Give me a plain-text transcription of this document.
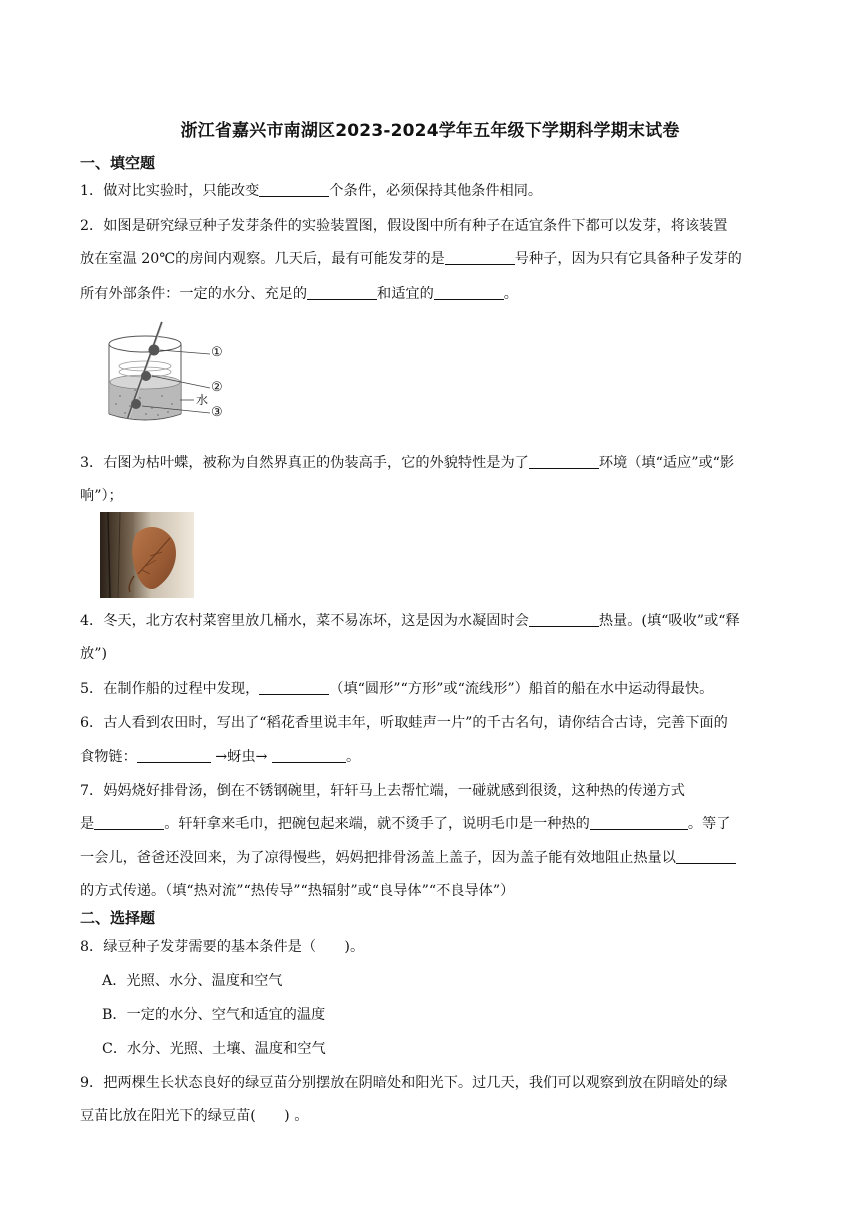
浙江省嘉兴市南湖区2023-2024学年五年级下学期科学期末试卷
一、填空题
1．做对比实验时，只能改变	个条件，必须保持其他条件相同。
2．如图是研究绿豆种子发芽条件的实验装置图，假设图中所有种子在适宜条件下都可以发芽，将该装置
放在室温 20℃的房间内观察。几天后，最有可能发芽的是	号种子，因为只有它具备种子发芽的
所有外部条件：一定的水分、充足的	和适宜的	。
①
②
水
③
3．右图为枯叶蝶，被称为自然界真正的伪装高手，它的外貌特性是为了	环境（填“适应”或“影
响”）；
4．冬天，北方农村菜窖里放几桶水，菜不易冻坏，这是因为水凝固时会	热量。(填“吸收”或“释
放”)
5．在制作船的过程中发现，	（填“圆形”“方形”或“流线形”）船首的船在水中运动得最快。
6．古人看到农田时，写出了“稻花香里说丰年，听取蛙声一片”的千古名句，请你结合古诗，完善下面的
食物链：	→蚜虫→	。
7．妈妈烧好排骨汤，倒在不锈钢碗里，轩轩马上去帮忙端，一碰就感到很烫，这种热的传递方式
是	。轩轩拿来毛巾，把碗包起来端，就不烫手了，说明毛巾是一种热的	。等了
一会儿，爸爸还没回来，为了凉得慢些，妈妈把排骨汤盖上盖子，因为盖子能有效地阻止热量以
的方式传递。（填“热对流”“热传导”“热辐射”或“良导体”“不良导体”）
二、选择题
8．绿豆种子发芽需要的基本条件是（　　)。
A．光照、水分、温度和空气
B．一定的水分、空气和适宜的温度
C．水分、光照、土壤、温度和空气
9．把两棵生长状态良好的绿豆苗分别摆放在阴暗处和阳光下。过几天，我们可以观察到放在阴暗处的绿
豆苗比放在阳光下的绿豆苗(　　) 。
